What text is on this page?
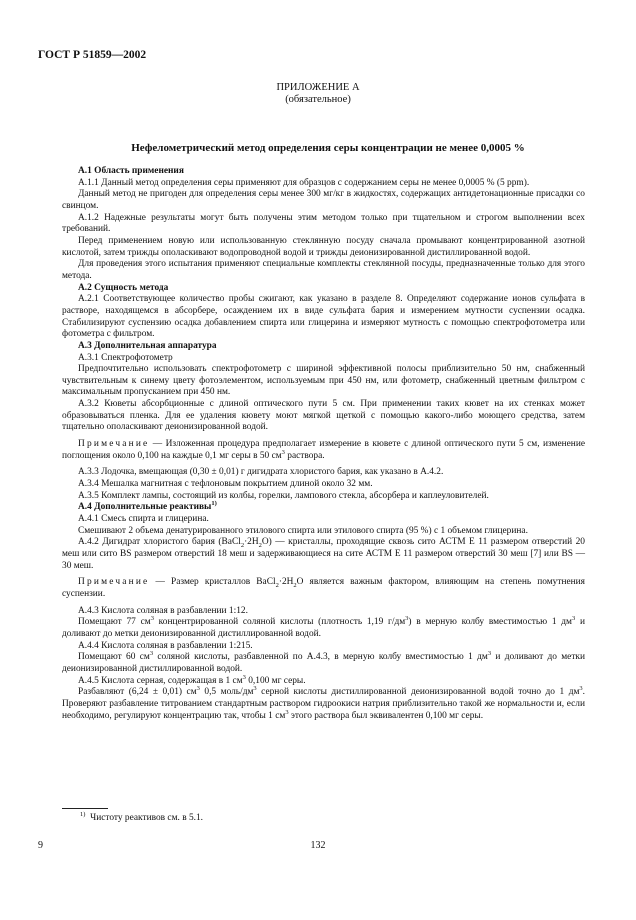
ГОСТ Р 51859—2002
ПРИЛОЖЕНИЕ А
(обязательное)
Нефелометрический метод определения серы концентрации не менее 0,0005 %

А.1 Область применения

А.1.1 Данный метод определения серы применяют для образцов с содержанием серы не менее 0,0005 % (5 ppm).

Данный метод не пригоден для определения серы менее 300 мг/кг в жидкостях, содержащих антидетонационные присадки со свинцом.

А.1.2 Надежные результаты могут быть получены этим методом только при тщательном и строгом выполнении всех требований.

Перед применением новую или использованную стеклянную посуду сначала промывают концентрированной азотной кислотой, затем трижды ополаскивают водопроводной водой и трижды деионизированной дистиллированной водой.

Для проведения этого испытания применяют специальные комплекты стеклянной посуды, предназначенные только для этого метода.

А.2 Сущность метода

А.2.1 Соответствующее количество пробы сжигают, как указано в разделе 8. Определяют содержание ионов сульфата в растворе, находящемся в абсорбере, осаждением их в виде сульфата бария и измерением мутности суспензии осадка. Стабилизируют суспензию осадка добавлением спирта или глицерина и измеряют мутность с помощью спектрофотометра или фотометра с фильтром.

А.3 Дополнительная аппаратура

А.3.1 Спектрофотометр

Предпочтительно использовать спектрофотометр с шириной эффективной полосы приблизительно 50 нм, снабженный чувствительным к синему цвету фотоэлементом, используемым при 450 нм, или фотометр, снабженный цветным фильтром с максимальным пропусканием при 450 нм.

А.3.2 Кюветы абсорбционные с длиной оптического пути 5 см. При применении таких кювет на их стенках может образовываться пленка. Для ее удаления кювету моют мягкой щеткой с помощью какого-либо моющего средства, затем тщательно ополаскивают деионизированной водой.

Примечание — Изложенная процедура предполагает измерение в кювете с длиной оптического пути 5 см, изменение поглощения около 0,100 на каждые 0,1 мг серы в 50 $см^3$ раствора.

А.3.3 Лодочка, вмещающая (0,30 ± 0,01) г дигидрата хлористого бария, как указано в А.4.2.

А.3.4 Мешалка магнитная с тефлоновым покрытием длиной около 32 мм.

А.3.5 Комплект лампы, состоящий из колбы, горелки, лампового стекла, абсорбера и каплеуловителей.

А.4 Дополнительные реактивы$^{1)}$

А.4.1 Смесь спирта и глицерина.

Смешивают 2 объема денатурированного этилового спирта или этилового спирта (95 %) с 1 объемом глицерина.

А.4.2 Дигидрат хлористого бария $(BaCl_2\cdot 2H_2O)$ — кристаллы, проходящие сквозь сито АСТМ Е 11 размером отверстий 20 меш или сито BS размером отверстий 18 меш и задерживающиеся на сите АСТМ Е 11 размером отверстий 30 меш [7] или BS — 30 меш.

Примечание — Размер кристаллов $BaCl_2\cdot 2H_2O$ является важным фактором, влияющим на степень помутнения суспензии.

А.4.3 Кислота соляная в разбавлении 1:12.

Помещают 77 $см^3$ концентрированной соляной кислоты (плотность 1,19 $г/дм^3$) в мерную колбу вместимостью 1 $дм^3$ и доливают до метки деионизированной дистиллированной водой.

А.4.4 Кислота соляная в разбавлении 1:215.

Помещают 60 $см^3$ соляной кислоты, разбавленной по А.4.3, в мерную колбу вместимостью 1 $дм^3$ и доливают до метки деионизированной дистиллированной водой.

А.4.5 Кислота серная, содержащая в 1 $см^3$ 0,100 мг серы.

Разбавляют (6,24 ± 0,01) $см^3$ 0,5 моль/$дм^3$ серной кислоты дистиллированной деионизированной водой точно до 1 $дм^3$. Проверяют разбавление титрованием стандартным раствором гидроокиси натрия приблизительно такой же нормальности и, если необходимо, регулируют концентрацию так, чтобы 1 $см^3$ этого раствора был эквивалентен 0,100 мг серы.

$^{1)}$ Чистоту реактивов см. в 5.1.
9	132
